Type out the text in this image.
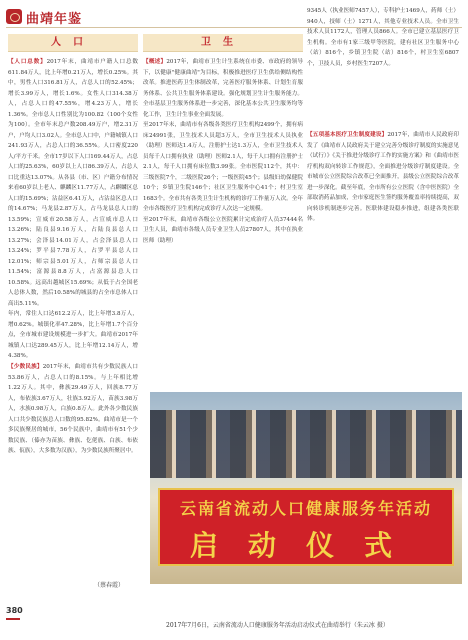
曲靖年鉴
人口	卫生
【人口总数】2017年末，曲靖市户籍人口总数611.84万人，比上年增0.21万人，增长0.25%。其中，男性人口316.81万人，占总人口的52.45%；增长3.99万人，增长1.6%。女性人口314.38万人，占总人口的47.55%，增4.23万人，增长1.36%。全市总人口性别比为100.82（100个女性为100）。全市年末总户数208.49万户，增2.31万户，户均人口3.02人。全市总人口中，户籍城镇人口241.93万人，占总人口的36.55%。人口密度220人/平方千米。全市17岁以下人口169.44万人，占总人口的25.63%，60岁以上人口86.39万人，占总人口比重达13.07%。从各县（市、区）户籍分布情况来看60岁以上老人、麒麟区11.77万人，占麒麟区总人口的15.69%；沾益区6.41万人，占沾益区总人口的14.67%；马龙县2.87万人，占马龙县总人口的13.59%；宣威市20.58万人，占宣威市总人口13.26%；陆良县9.16万人，占陆良县总人口13.27%；会泽县14.01万人，占会泽县总人口13.24%；罗平县7.78万人，占罗平县总人口12.01%；师宗县5.01万人，占师宗县总人口11.54%；富源县8.8万人，占富源县总人口10.58%。远高出越城区15.69%；从低于占全国老人总体人数，然后10.58%的城县的占全市总体人口高出5.11%。
年内，常住人口达612.2万人，比上年增3.8万人，增0.62%。城镇化率47.28%，比上年增1.7个百分点，全市城市建设规模进一步扩大。曲靖市2017年城镇人口达289.45万人，比上年增12.14万人，增4.38%。
【少数民族】2017年末，曲靖市共有少数民族人口53.86万人，占总人口的8.15%。与上年相比增1.22万人。其中，彝族29.49万人，回族8.77万人，布依族3.67万人，壮族3.92万人，苗族3.98万人，水族0.98万人，白族0.8万人。此外各少数民族人口共少数民族总人口数的95.82%。曲靖市是一个多民族聚居的城市，56个民族中，曲靖市有51个少数民族、（傣亦为苗族、彝族、仡佬族、白族、布依族、佤族），大多数为汉族），为少数民族所聚居中。
（蔡春霞）
【概述】2017年，曲靖市卫生计生系统在市委、市政府的领导下，以健康"健康曲靖"为目标，积极推进医疗卫生供给侧结构性改革。推进医药卫生体制改革，完善医疗服务体系、计划生育服务体系、公共卫生服务体系建设。强化规划卫生计生服务能力。全市基层卫生服务体系进一步完善，深化基本公共卫生服务均等化工作，卫生计生事业全面发展。
至2017年末，曲靖市有各级各类医疗卫生机构2499个，拥有病床24991张，卫生技术人员超3万人，全市卫生技术人员执业（助理）医师达1.4万人，注册护士达1.3万人，全市卫生技术人员每千人口拥有执业（助理）医师2.1人，每千人口拥有注册护士2.1人，每千人口拥有床位数3.99张。全市医院112个，其中：三级医院7个，二级医院26个；一级医院45个；县级妇幼保健院10个；乡镇卫生院146个；社区卫生服务中心41个；村卫生室1683个。全市共有各类卫生计生机构的诊疗工作量万人次。全年全市各级医疗卫生机构完成诊疗人次达一定规模。
至2017年末，曲靖市各级公立医院累计完成治疗人员37444名卫生人员，曲靖市各级人员专业卫生人员27807人，其中在执业医师（助理）
9345人（执业医师7457人），专科护士1469人，药师（士）940人，技师（士）1271人，其他专业技术人员。全市卫生技术人员1172人，管理人员866人。全市已建立基层医疗卫生机构。全市有1家三级甲等医院，建有社区卫生服务中心（站）816个，乡镇卫生院（站）816个，村卫生室6807个，卫技人员，乡村医生7207人。
【五项基本医疗卫生制度建设】2017年，曲靖市人民政府印发了《曲靖市人民政府关于建立完善分级诊疗制度的实施意见（试行）》《关于推进分级诊疗工作的实施方案》和《曲靖市医疗机构双向转诊工作规范》，全面推进分级诊疗制度建设。全市城市公立医院综合改革已全面推开，县级公立医院综合改革进一步深化。截至年底，全市所有公立医院（含中医医院）全部取消药品加成，全市家庭医生签约服务覆盖率持续提高，双向转诊机制逐步完善。医联体建设稳步推进，组建各类医联体。
云南省流动人口健康服务年活动
启动仪式
2017年7月6日，云南省流动人口健康服务年活动启动仪式在曲靖举行（朱云冰 摄）
380
